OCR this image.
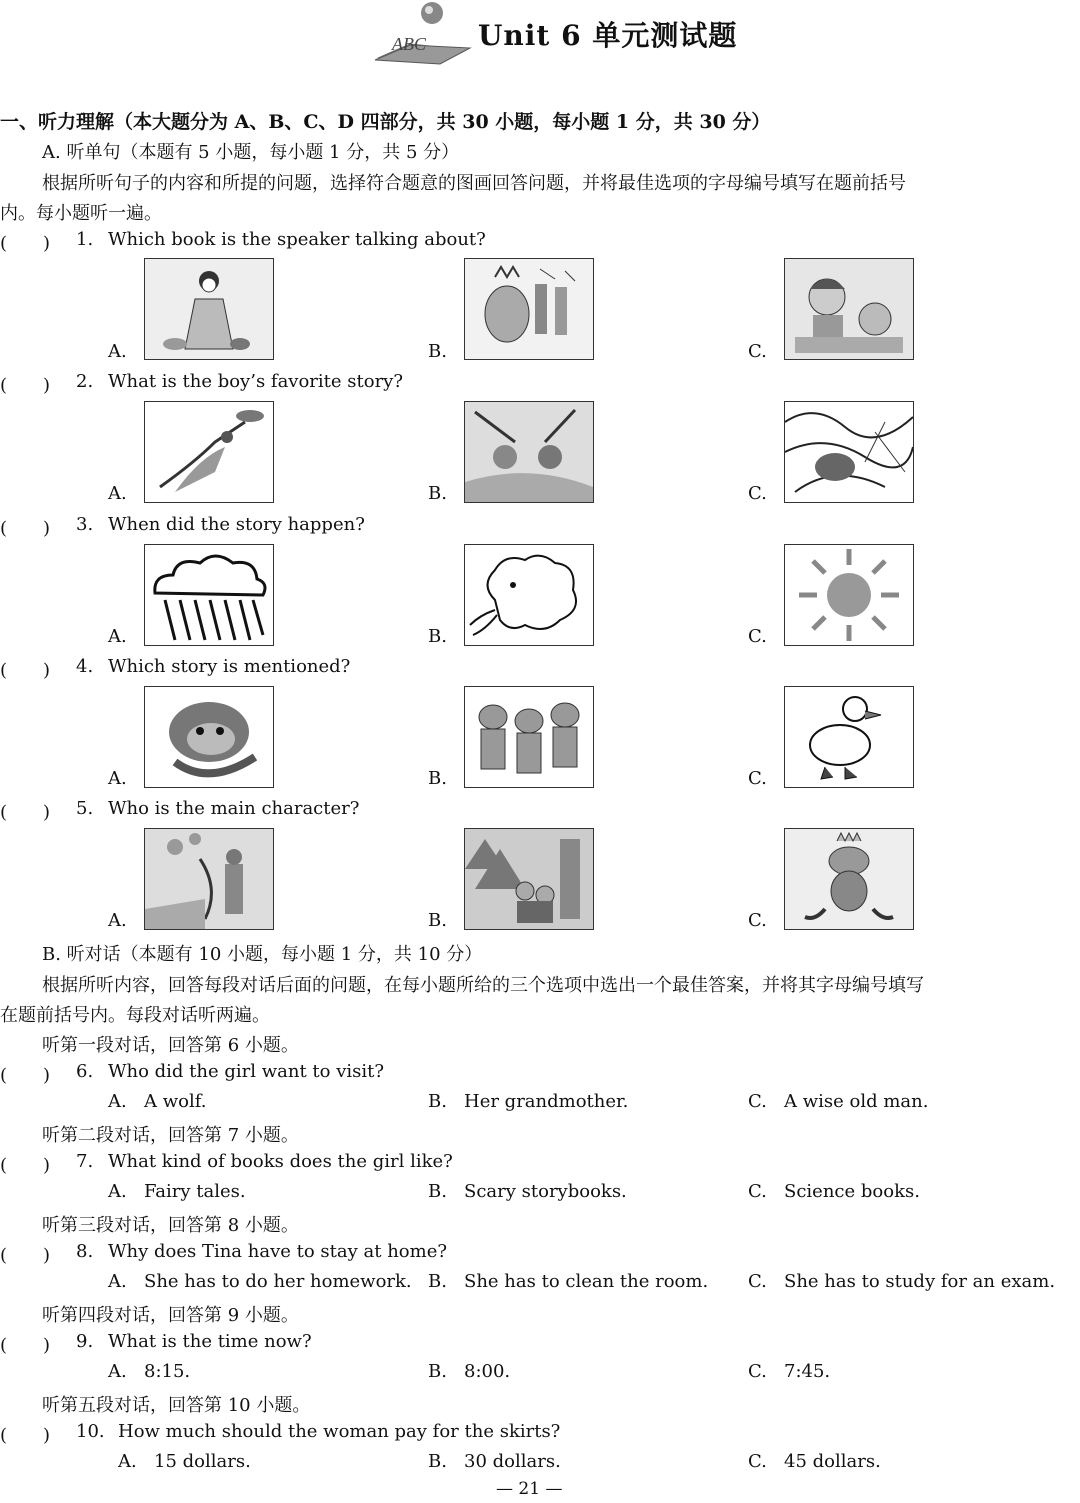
ABC Unit 6 单元测试题
一、听力理解（本大题分为 A、B、C、D 四部分，共 30 小题，每小题 1 分，共 30 分）
A. 听单句（本题有 5 小题，每小题 1 分，共 5 分）
根据所听句子的内容和所提的问题，选择符合题意的图画回答问题，并将最佳选项的字母编号填写在题前括号
内。每小题听一遍。
(　　) 1. Which book is the speaker talking about?
A.	B.	C.
(　　) 2. What is the boy’s favorite story?
A.	B.	C.
(　　) 3. When did the story happen?
A.	B.	C.
(　　) 4. Which story is mentioned?
A.	B.	C.
(　　) 5. Who is the main character?
A.	B.	C.
B. 听对话（本题有 10 小题，每小题 1 分，共 10 分）
根据所听内容，回答每段对话后面的问题，在每小题所给的三个选项中选出一个最佳答案，并将其字母编号填写
在题前括号内。每段对话听两遍。
听第一段对话，回答第 6 小题。
(　　) 6. Who did the girl want to visit?
A. A wolf.	B. Her grandmother.	C. A wise old man.
听第二段对话，回答第 7 小题。
(　　) 7. What kind of books does the girl like?
A. Fairy tales.	B. Scary storybooks.	C. Science books.
听第三段对话，回答第 8 小题。
(　　) 8. Why does Tina have to stay at home?
A. She has to do her homework. B. She has to clean the room. C. She has to study for an exam.
听第四段对话，回答第 9 小题。
(　　) 9. What is the time now?
A. 8:15.	B. 8:00.	C. 7:45.
听第五段对话，回答第 10 小题。
(　　) 10. How much should the woman pay for the skirts?
A. 15 dollars.	B. 30 dollars.	C. 45 dollars.
— 21 —
